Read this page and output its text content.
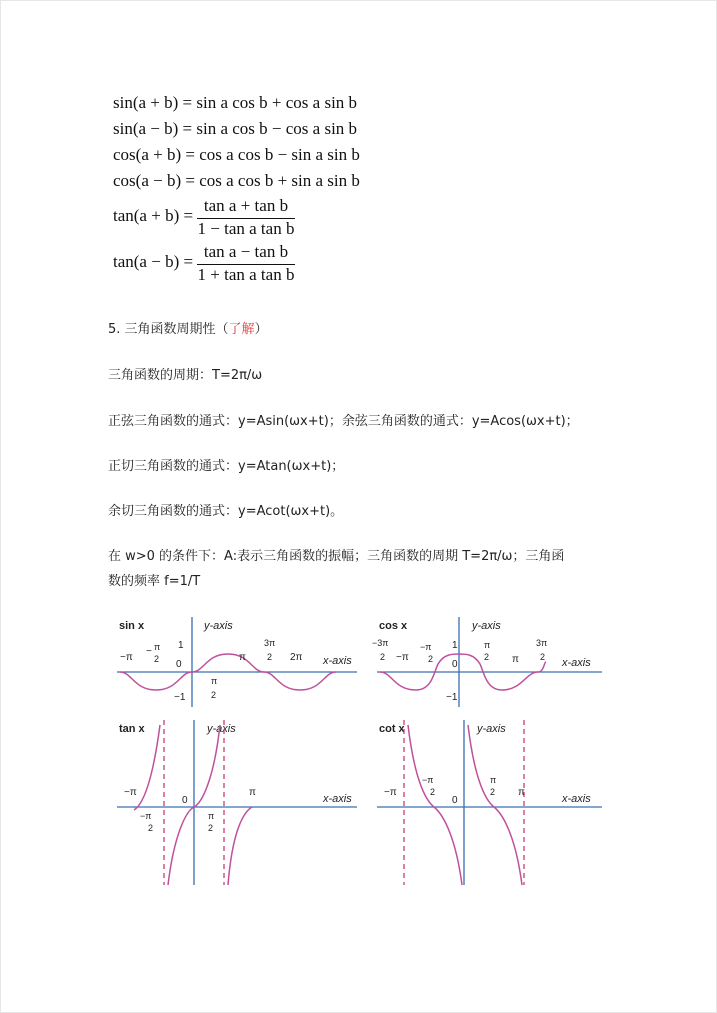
sin(a + b) = sin a cos b + cos a sin b
sin(a − b) = sin a cos b − cos a sin b
cos(a + b) = cos a cos b − sin a sin b
cos(a − b) = cos a cos b + sin a sin b
tan(a + b) =
tan a + tan b
1 − tan a tan b
tan(a − b) =
tan a − tan b
1 + tan a tan b
5. 三角函数周期性（了解）
三角函数的周期：T=2π/ω
正弦三角函数的通式：y=Asin(ωx+t)；余弦三角函数的通式：y=Acos(ωx+t)；
正切三角函数的通式：y=Atan(ωx+t)；
余切三角函数的通式：y=Acot(ωx+t)。
在 w>0 的条件下：A:表示三角函数的振幅；三角函数的周期 T=2π/ω；三角函
数的频率 f=1/T
sin x	y-axis
x-axis
−π
− π
2 0
1
−1
π
3π
2 2π
π
2
cos x	y-axis
x-axis
−3π
2 −π
−π
2
1
0
−1
π
2 π
3π
2
tan x	y-axis
x-axis
−π
−π
2
0
π
2
π
cot x	y-axis
x-axis
−π
−π
2
0
π
2 π
